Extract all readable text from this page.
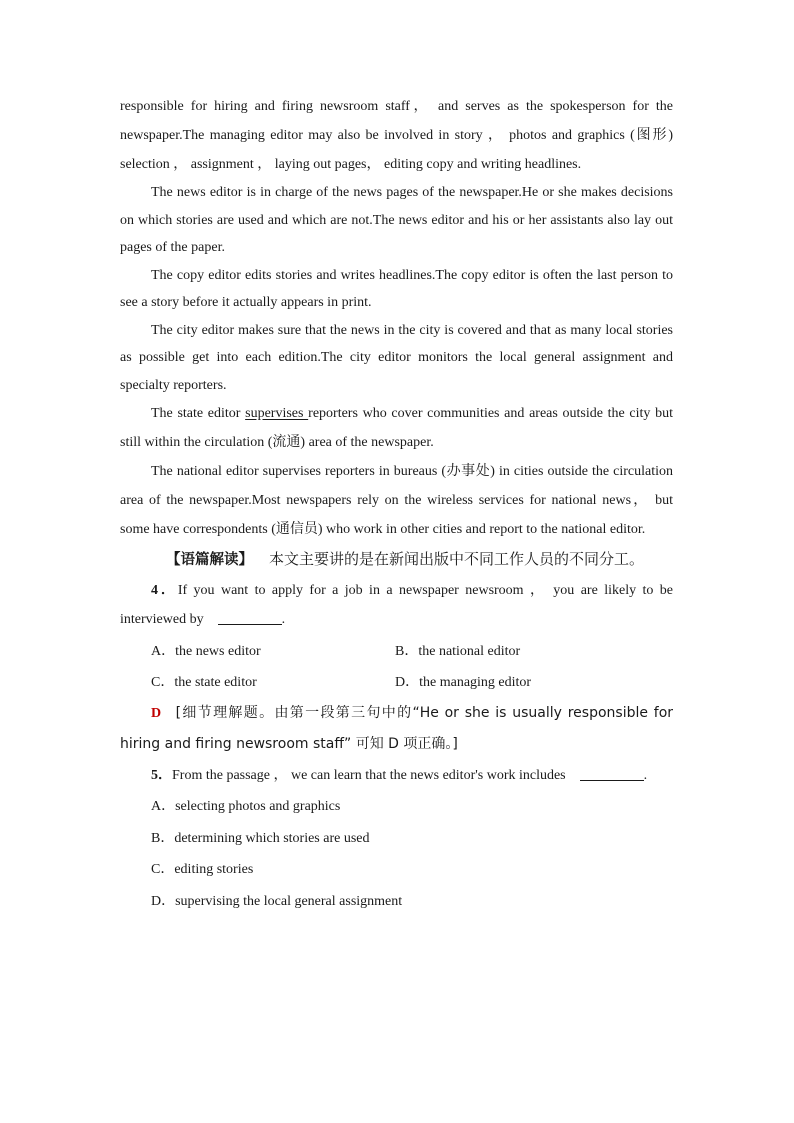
responsible for hiring and firing newsroom staff， and serves as the spokesperson for the newspaper.The managing editor may also be involved in story ， photos and graphics (图形) selection ， assignment ， laying out pages， editing copy and writing headlines.

The news editor is in charge of the news pages of the newspaper.He or she makes decisions on which stories are used and which are not.The news editor and his or her assistants also lay out pages of the paper.

The copy editor edits stories and writes headlines.The copy editor is often the last person to see a story before it actually appears in print.

The city editor makes sure that the news in the city is covered and that as many local stories as possible get into each edition.The city editor monitors the local general assignment and specialty reporters.

The state editor supervises reporters who cover communities and areas outside the city but still within the circulation (流通) area of the newspaper.

The national editor supervises reporters in bureaus (办事处) in cities outside the circulation area of the newspaper.Most newspapers rely on the wireless services for national news， but some have correspondents (通信员) who work in other cities and report to the national editor.

【语篇解读】 本文主要讲的是在新闻出版中不同工作人员的不同分工。

4．If you want to apply for a job in a newspaper newsroom ， you are likely to be interviewed by	.

A．the news editor	B．the national editor
C．the state editor	D．the managing editor

D [细节理解题。由第一段第三句中的“He or she is usually responsible for hiring and firing newsroom staff” 可知 D 项正确。]

5．From the passage ， we can learn that the news editor's work includes	.

A．selecting photos and graphics
B．determining which stories are used
C．editing stories
D．supervising the local general assignment
